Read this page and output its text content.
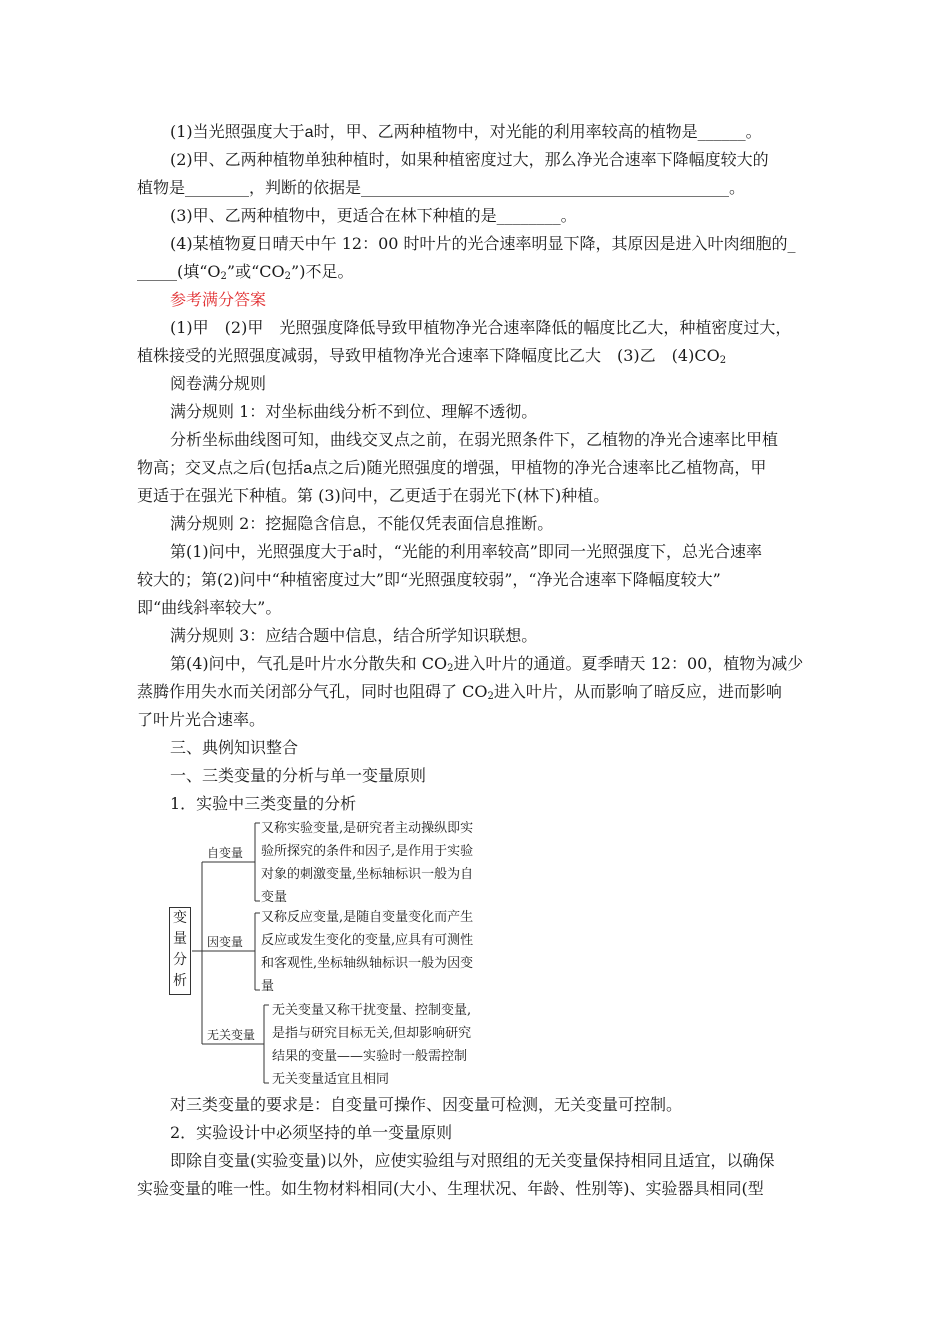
(1)当光照强度大于a时，甲、乙两种植物中，对光能的利用率较高的植物是______。
(2)甲、乙两种植物单独种植时，如果种植密度过大，那么净光合速率下降幅度较大的
植物是________，判断的依据是______________________________________________。
(3)甲、乙两种植物中，更适合在林下种植的是________。
(4)某植物夏日晴天中午 12：00 时叶片的光合速率明显下降，其原因是进入叶肉细胞的_
_____(填“$O_2$”或“$CO_2$”)不足。
参考满分答案
(1)甲　(2)甲　光照强度降低导致甲植物净光合速率降低的幅度比乙大，种植密度过大，
植株接受的光照强度减弱，导致甲植物净光合速率下降幅度比乙大　(3)乙　$(4)CO_2$
阅卷满分规则
满分规则 1：对坐标曲线分析不到位、理解不透彻。
分析坐标曲线图可知，曲线交叉点之前，在弱光照条件下，乙植物的净光合速率比甲植
物高；交叉点之后(包括a点之后)随光照强度的增强，甲植物的净光合速率比乙植物高，甲
更适于在强光下种植。第 (3)问中，乙更适于在弱光下(林下)种植。
满分规则 2：挖掘隐含信息，不能仅凭表面信息推断。
第(1)问中，光照强度大于a时，“光能的利用率较高”即同一光照强度下，总光合速率
较大的；第(2)问中“种植密度过大”即“光照强度较弱”，“净光合速率下降幅度较大”
即“曲线斜率较大”。
满分规则 3：应结合题中信息，结合所学知识联想。
第(4)问中，气孔是叶片水分散失和 $CO_2$进入叶片的通道。夏季晴天 12：00，植物为减少
蒸腾作用失水而关闭部分气孔，同时也阻碍了 $CO_2$进入叶片，从而影响了暗反应，进而影响
了叶片光合速率。
三、典例知识整合
一、三类变量的分析与单一变量原则
1．实验中三类变量的分析
变
量
分
析
自变量
又称实验变量,是研究者主动操纵即实
验所探究的条件和因子,是作用于实验
对象的刺激变量,坐标轴标识一般为自
变量
因变量
又称反应变量,是随自变量变化而产生
反应或发生变化的变量,应具有可测性
和客观性,坐标轴纵轴标识一般为因变
量
无关变量
无关变量又称干扰变量、控制变量,
是指与研究目标无关,但却影响研究
结果的变量——实验时一般需控制
无关变量适宜且相同
对三类变量的要求是：自变量可操作、因变量可检测，无关变量可控制。
2．实验设计中必须坚持的单一变量原则
即除自变量(实验变量)以外，应使实验组与对照组的无关变量保持相同且适宜，以确保
实验变量的唯一性。如生物材料相同(大小、生理状况、年龄、性别等)、实验器具相同(型
